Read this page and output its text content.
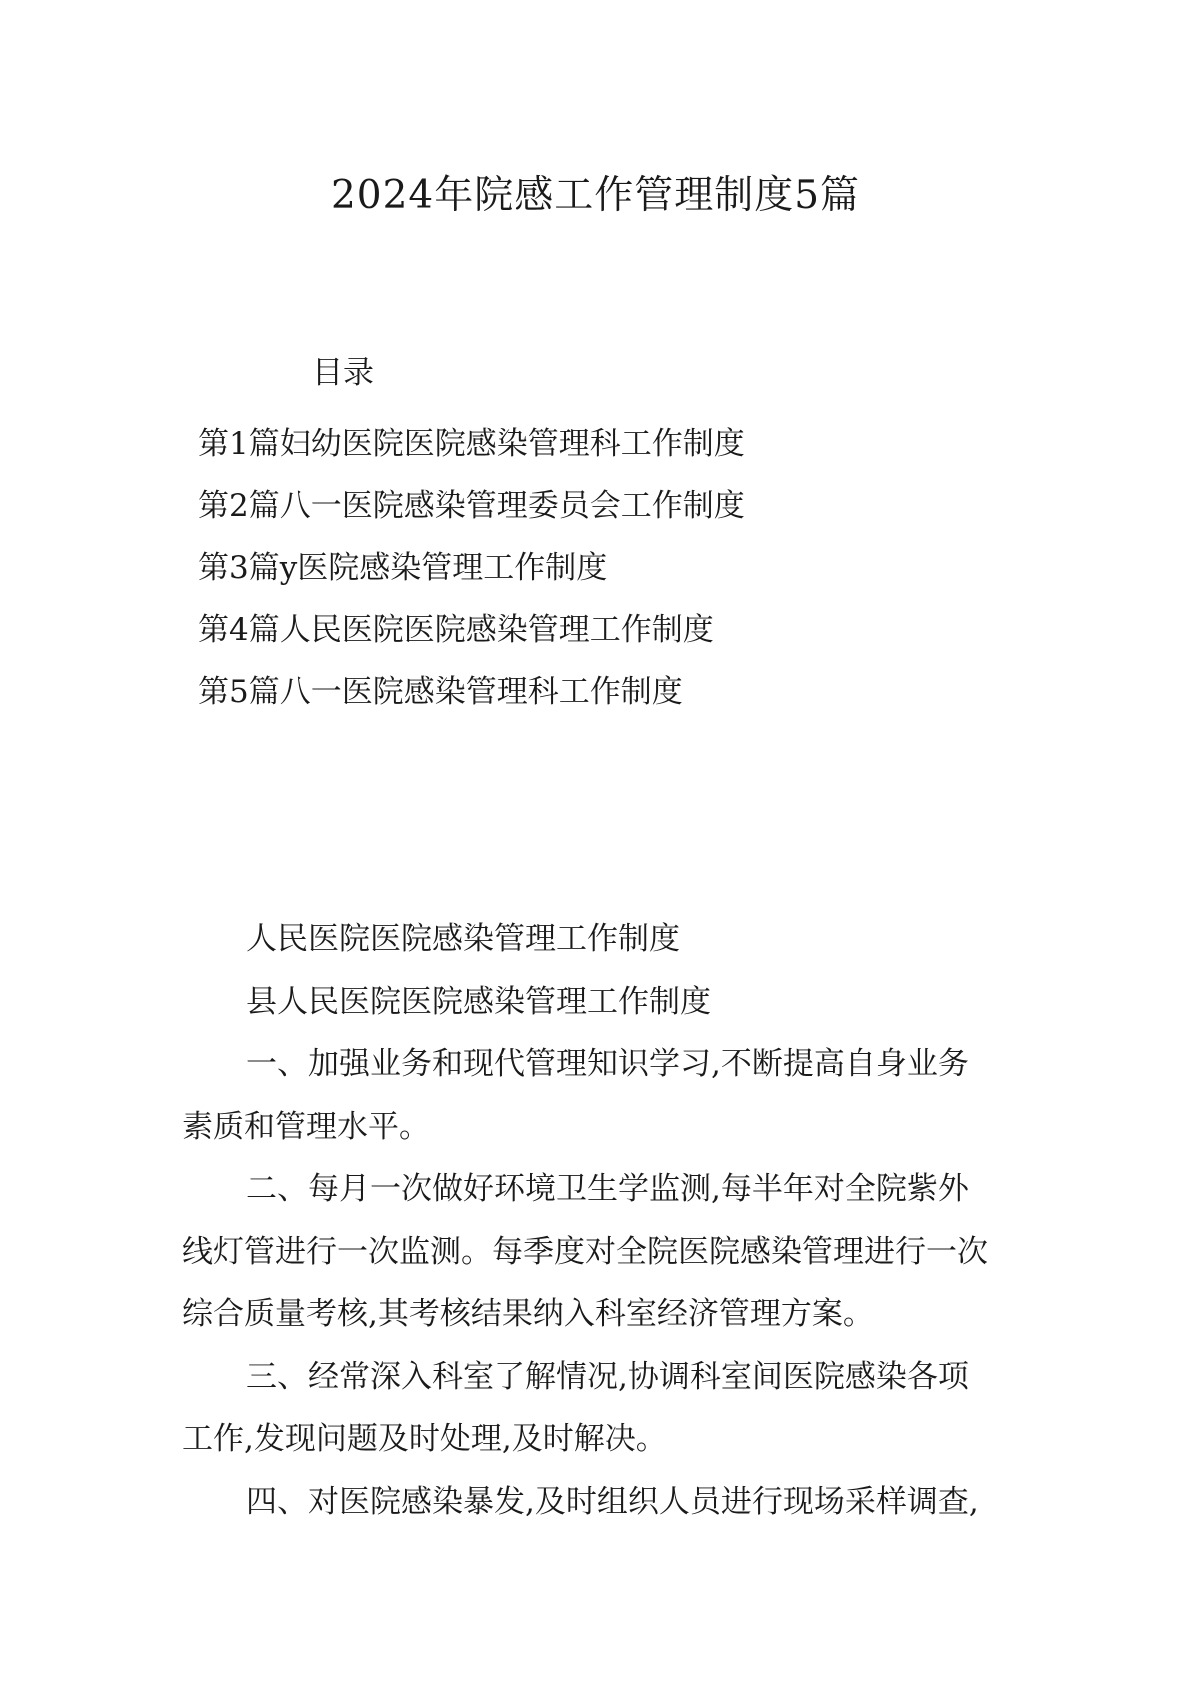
2024年院感工作管理制度5篇
目录
第1篇妇幼医院医院感染管理科工作制度
第2篇八一医院感染管理委员会工作制度
第3篇y医院感染管理工作制度
第4篇人民医院医院感染管理工作制度
第5篇八一医院感染管理科工作制度
人民医院医院感染管理工作制度
县人民医院医院感染管理工作制度
一、加强业务和现代管理知识学习,不断提高自身业务
素质和管理水平。
二、每月一次做好环境卫生学监测,每半年对全院紫外
线灯管进行一次监测。每季度对全院医院感染管理进行一次
综合质量考核,其考核结果纳入科室经济管理方案。
三、经常深入科室了解情况,协调科室间医院感染各项
工作,发现问题及时处理,及时解决。
四、对医院感染暴发,及时组织人员进行现场采样调查,
